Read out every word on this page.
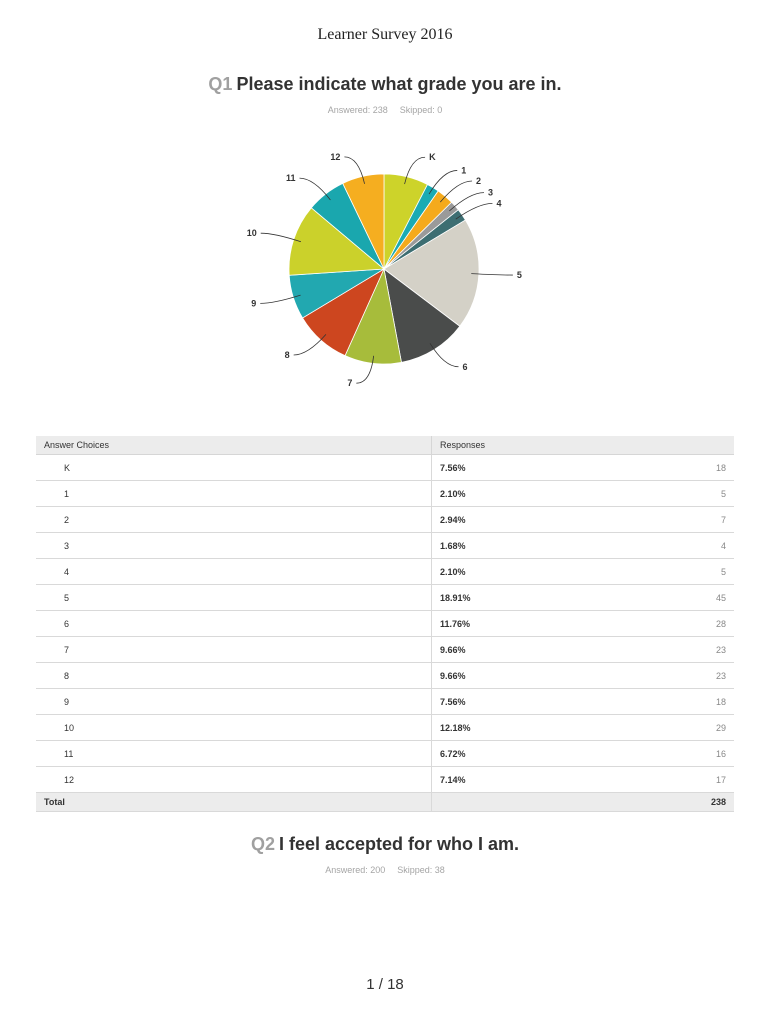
Learner Survey 2016
Q1 Please indicate what grade you are in.
Answered: 238 Skipped: 0
K
1
2
3
4
5
6
7
8
9
10
11
12
Answer Choices	Responses
K	7.56% 18

1	2.10% 5

2	2.94% 7

3	1.68% 4

4	2.10% 5

5	18.91% 45

6	11.76% 28

7	9.66% 23

8	9.66% 23

9	7.56% 18

10	12.18% 29

11	6.72% 16

12	7.14% 17

Total	238
Q2 I feel accepted for who I am.
Answered: 200 Skipped: 38
1 / 18
